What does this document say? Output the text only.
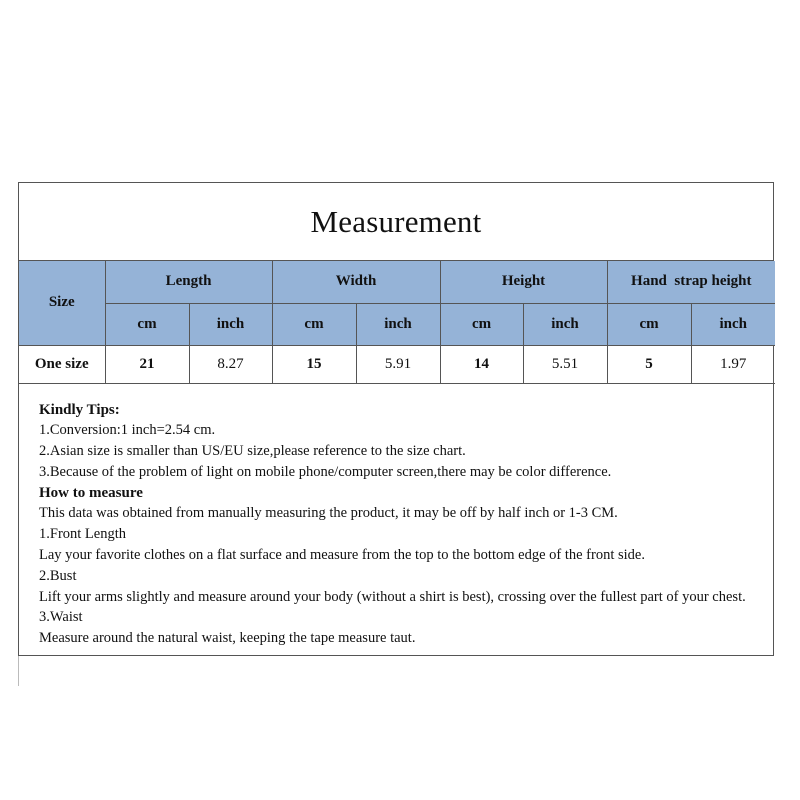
Measurement
Size	Length		Width		Height		Hand  strap height	
	cm	inch	cm	inch	cm	inch	cm	inch
One size	21	8.27	15	5.91	14	5.51	5	1.97
Kindly Tips:
1.Conversion:1 inch=2.54 cm.
2.Asian size is smaller than US/EU size,please reference to the size chart.
3.Because of the problem of light on mobile phone/computer screen,there may be color difference.
How to measure
This data was obtained from manually measuring the product, it may be off by half inch or 1-3 CM.
1.Front Length
Lay your favorite clothes on a flat surface and measure from the top to the bottom edge of the front side.
2.Bust
Lift your arms slightly and measure around your body (without a shirt is best), crossing over the fullest part of your chest.
3.Waist
Measure around the natural waist, keeping the tape measure taut.
